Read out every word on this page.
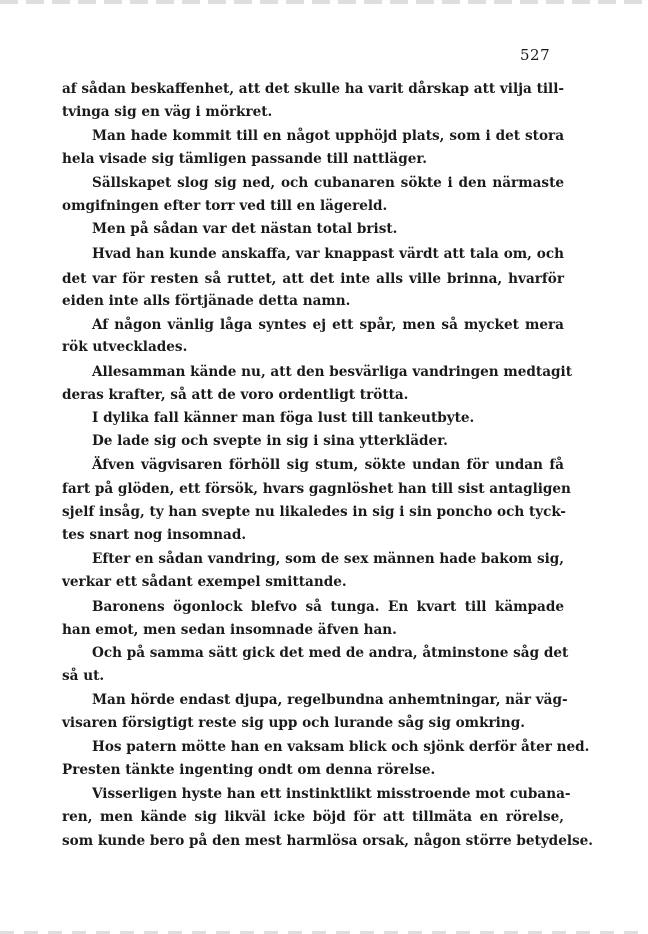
527
af sådan beskaffenhet, att det skulle ha varit dårskap att vilja till-
tvinga sig en väg i mörkret.
Man hade kommit till en något upphöjd plats, som i det stora
hela visade sig tämligen passande till nattläger.
Sällskapet slog sig ned, och cubanaren sökte i den närmaste
omgifningen efter torr ved till en lägereld.
Men på sådan var det nästan total brist.
Hvad han kunde anskaffa, var knappast värdt att tala om, och
det var för resten så ruttet, att det inte alls ville brinna, hvarför
eiden inte alls förtjänade detta namn.
Af någon vänlig låga syntes ej ett spår, men så mycket mera
rök utvecklades.
Allesamman kände nu, att den besvärliga vandringen medtagit
deras krafter, så att de voro ordentligt trötta.
I dylika fall känner man föga lust till tankeutbyte.
De lade sig och svepte in sig i sina ytterkläder.
Äfven vägvisaren förhöll sig stum, sökte undan för undan få
fart på glöden, ett försök, hvars gagnlöshet han till sist antagligen
sjelf insåg, ty han svepte nu likaledes in sig i sin poncho och tyck-
tes snart nog insomnad.
Efter en sådan vandring, som de sex männen hade bakom sig,
verkar ett sådant exempel smittande.
Baronens ögonlock blefvo så tunga. En kvart till kämpade
han emot, men sedan insomnade äfven han.
Och på samma sätt gick det med de andra, åtminstone såg det
så ut.
Man hörde endast djupa, regelbundna anhemtningar, när väg-
visaren försigtigt reste sig upp och lurande såg sig omkring.
Hos patern mötte han en vaksam blick och sjönk derför åter ned.
Presten tänkte ingenting ondt om denna rörelse.
Visserligen hyste han ett instinktlikt misstroende mot cubana-
ren, men kände sig likväl icke böjd för att tillmäta en rörelse,
som kunde bero på den mest harmlösa orsak, någon större betydelse.
